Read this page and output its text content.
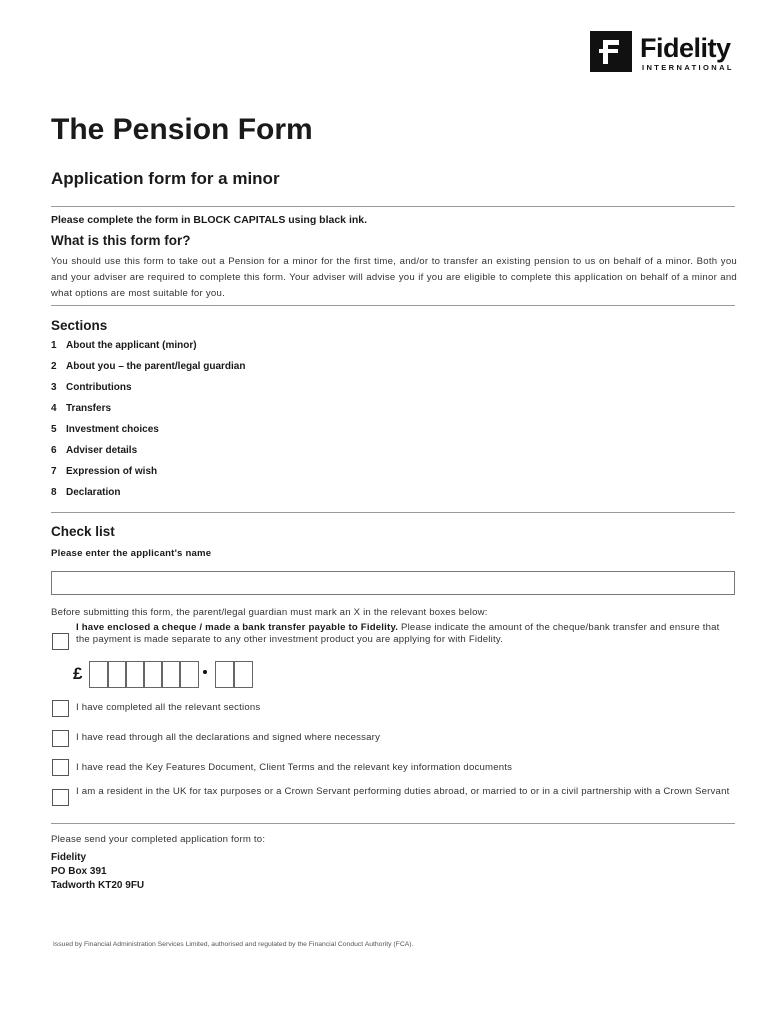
Fidelity
INTERNATIONAL
The Pension Form
Application form for a minor
Please complete the form in BLOCK CAPITALS using black ink.
What is this form for?
You should use this form to take out a Pension for a minor for the first time, and/or to transfer an existing pension to us on behalf of a minor. Both you and your adviser are required to complete this form. Your adviser will advise you if you are eligible to complete this application on behalf of a minor and what options are most suitable for you.
Sections
1 About the applicant (minor)
2 About you – the parent/legal guardian
3 Contributions
4 Transfers
5 Investment choices
6 Adviser details
7 Expression of wish
8 Declaration
Check list
Please enter the applicant's name
Before submitting this form, the parent/legal guardian must mark an X in the relevant boxes below:
I have enclosed a cheque / made a bank transfer payable to Fidelity. Please indicate the amount of the cheque/bank transfer and ensure that the payment is made separate to any other investment product you are applying for with Fidelity.
£
I have completed all the relevant sections
I have read through all the declarations and signed where necessary
I have read the Key Features Document, Client Terms and the relevant key information documents
I am a resident in the UK for tax purposes or a Crown Servant performing duties abroad, or married to or in a civil partnership with a Crown Servant
Please send your completed application form to:
Fidelity
PO Box 391
Tadworth KT20 9FU
Issued by Financial Administration Services Limited, authorised and regulated by the Financial Conduct Authority (FCA).
